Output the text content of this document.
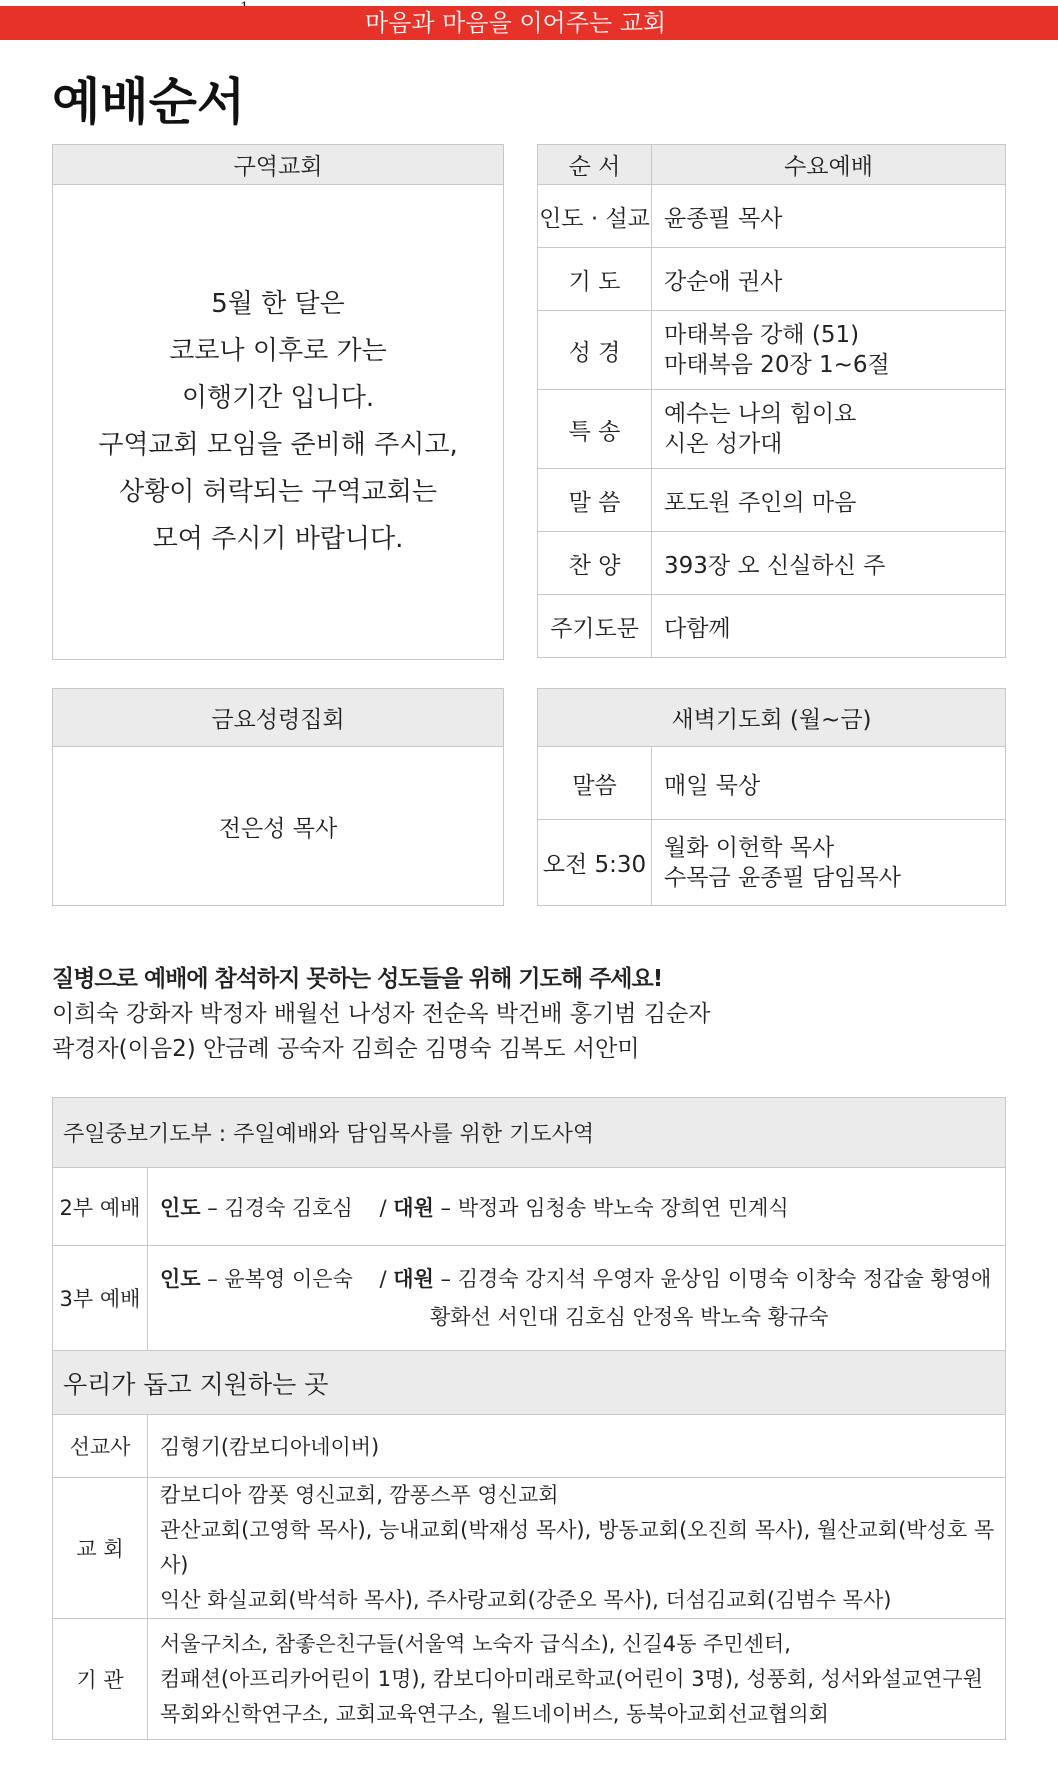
마음과 마음을 이어주는 교회
예배순서
구역교회

5월 한 달은
코로나 이후로 가는
이행기간 입니다.
구역교회 모임을 준비해 주시고,
상황이 허락되는 구역교회는
모여 주시기 바랍니다.
순 서	수요예배
인도 · 설교	윤종필 목사
기 도	강순애 권사
성 경	마태복음 강해 (51)
마태복음 20장 1~6절

특 송	예수는 나의 힘이요
시온 성가대

말 씀	포도원 주인의 마음
찬 양	393장 오 신실하신 주
주기도문	다함께
금요성령집회
전은성 목사
새벽기도회 (월~금)	
말씀	매일 묵상
오전 5:30	월화 이헌학 목사
수목금 윤종필 담임목사
질병으로 예배에 참석하지 못하는 성도들을 위해 기도해 주세요!
이희숙 강화자 박정자 배월선 나성자 전순옥 박건배 홍기범 김순자
곽경자(이음2) 안금례 공숙자 김희순 김명숙 김복도 서안미
주일중보기도부 : 주일예배와 담임목사를 위한 기도사역	
2부 예배	인도 – 김경숙 김호심 / 대원 – 박정과 임청송 박노숙 장희연 민계식
3부 예배	인도 – 윤복영 이은숙 / 대원 – 김경숙 강지석 우영자 윤상임 이명숙 이창숙 정갑술 황영애
황화선 서인대 김호심 안정옥 박노숙 황규숙

우리가 돕고 지원하는 곳	
선교사	김형기(캄보디아네이버)
교 회	캄보디아 깜폿 영신교회, 깜퐁스푸 영신교회
관산교회(고영학 목사), 능내교회(박재성 목사), 방동교회(오진희 목사), 월산교회(박성호 목사)
익산 화실교회(박석하 목사), 주사랑교회(강준오 목사), 더섬김교회(김범수 목사)

기 관	서울구치소, 참좋은친구들(서울역 노숙자 급식소), 신길4동 주민센터,
컴패션(아프리카어린이 1명), 캄보디아미래로학교(어린이 3명), 성풍회, 성서와설교연구원
목회와신학연구소, 교회교육연구소, 월드네이버스, 동북아교회선교협의회
